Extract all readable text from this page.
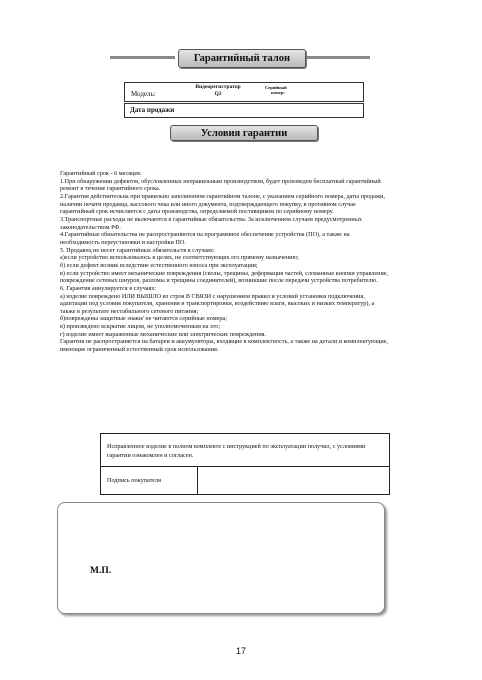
Гарантийный талон
Модель:
Видеорегистратор
Q2
Серийный
номер:
Дата продажи
Условия гарантии

Гарантийный срок - 6 месяцев.

1.При обнаружении дефектов, обусловленных неправильным производством, будет произведен бесплатный гарантийный ремонт в течение гарантийного срока.

2.Гарантия действительна при правильно заполненном гарантийном талоне, с указанием серийного номера, даты продажи, наличии печати продавца, кассового чека или иного документа, подтверждающего покупку, в противном случае гарантийный срок исчисляется с даты производства, определяемой поставщиком по серийному номеру.

3.Транспортные расходы не включаются в гарантийные обязательства. За исключением случаев предусмотренных законодательством РФ.

4.Гарантийные обязательства не распространяются на программное обеспечение устройства (ПО), а также на необходимость переустановки и настройки ПО.

5. Продавец не несет гарантийных обязательств в случаях:

а)если устройство использовалось в целях, не соответствующих его прямому назначению;

б) если дефект возник вследствие естественного износа при эксплуатации;

в) если устройство имеет механические повреждения (сколы, трещины, деформация частей, сломанные кнопки управление, повреждение сетевых шнуров, разломы и трещины соединителей), возникшие после передачи устройства потребителю.

6. Гарантия аннулируется в случаях:

а) изделие повреждено ИЛИ ВЫШЛО из строя В СВЯЗИ с нарушением правил и условий установки подключения, адаптации под условия покупателя, хранения и транспортировки, воздействию влаги, высоких и низких температур), а также в результате нестабильного сетевого питания;

б)повреждены защитные знаки/ не читаются серийные номера;

в) произведено вскрытие лицом, не уполномоченным на это;

г) изделие имеет выраженные механические или электрические повреждения.

Гарантия не распространяется на батареи и аккумуляторы, входящие в комплектность, а также на детали и комплектующие, имеющие ограниченный естественный срок использования.

Исправленное изделие в полном комплекте с инструкцией по эксплуатации получил, с условиями гарантии ознакомлен и согласен.
Подпись покупателя
М.П.
17
